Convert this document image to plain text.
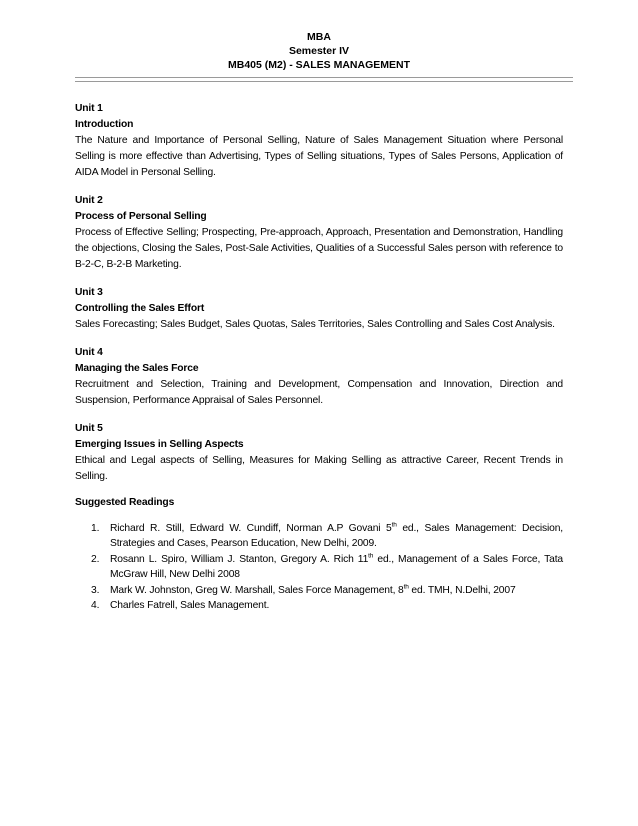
MBA
Semester IV
MB405 (M2) - SALES MANAGEMENT
Unit 1
Introduction
The Nature and Importance of Personal Selling, Nature of Sales Management Situation where Personal Selling is more effective than Advertising, Types of Selling situations, Types of Sales Persons, Application of AIDA Model in Personal Selling.
Unit 2
Process of Personal Selling
Process of Effective Selling; Prospecting, Pre-approach, Approach, Presentation and Demonstration, Handling the objections, Closing the Sales, Post-Sale Activities, Qualities of a Successful Sales person with reference to B-2-C, B-2-B Marketing.
Unit 3
Controlling the Sales Effort
Sales Forecasting; Sales Budget, Sales Quotas, Sales Territories, Sales Controlling and Sales Cost Analysis.
Unit 4
Managing the Sales Force
Recruitment and Selection, Training and Development, Compensation and Innovation, Direction and Suspension, Performance Appraisal of Sales Personnel.
Unit 5
Emerging Issues in Selling Aspects
Ethical and Legal aspects of Selling, Measures for Making Selling as attractive Career, Recent Trends in Selling.
Suggested Readings
1. Richard R. Still, Edward W. Cundiff, Norman A.P Govani 5th ed., Sales Management: Decision, Strategies and Cases, Pearson Education, New Delhi, 2009.
2. Rosann L. Spiro, William J. Stanton, Gregory A. Rich 11th ed., Management of a Sales Force, Tata McGraw Hill, New Delhi 2008
3. Mark W. Johnston, Greg W. Marshall, Sales Force Management, 8th ed. TMH, N.Delhi, 2007
4. Charles Fatrell, Sales Management.
